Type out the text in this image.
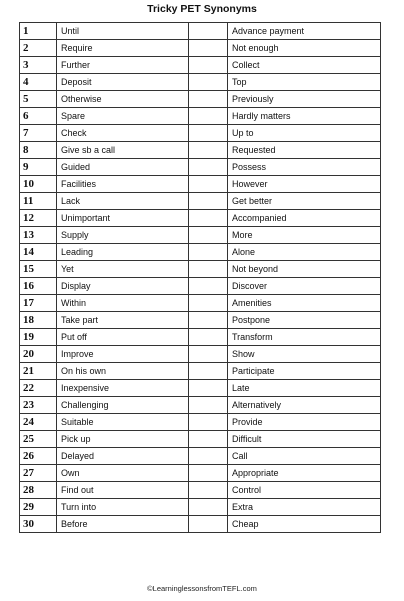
Tricky PET Synonyms
1	Until		Advance payment
2	Require		Not enough
3	Further		Collect
4	Deposit		Top
5	Otherwise		Previously
6	Spare		Hardly matters
7	Check		Up to
8	Give sb a call		Requested
9	Guided		Possess
10	Facilities		However
11	Lack		Get better
12	Unimportant		Accompanied
13	Supply		More
14	Leading		Alone
15	Yet		Not beyond
16	Display		Discover
17	Within		Amenities
18	Take part		Postpone
19	Put off		Transform
20	Improve		Show
21	On his own		Participate
22	Inexpensive		Late
23	Challenging		Alternatively
24	Suitable		Provide
25	Pick up		Difficult
26	Delayed		Call
27	Own		Appropriate
28	Find out		Control
29	Turn into		Extra
30	Before		Cheap
©LearninglessonsfromTEFL.com
